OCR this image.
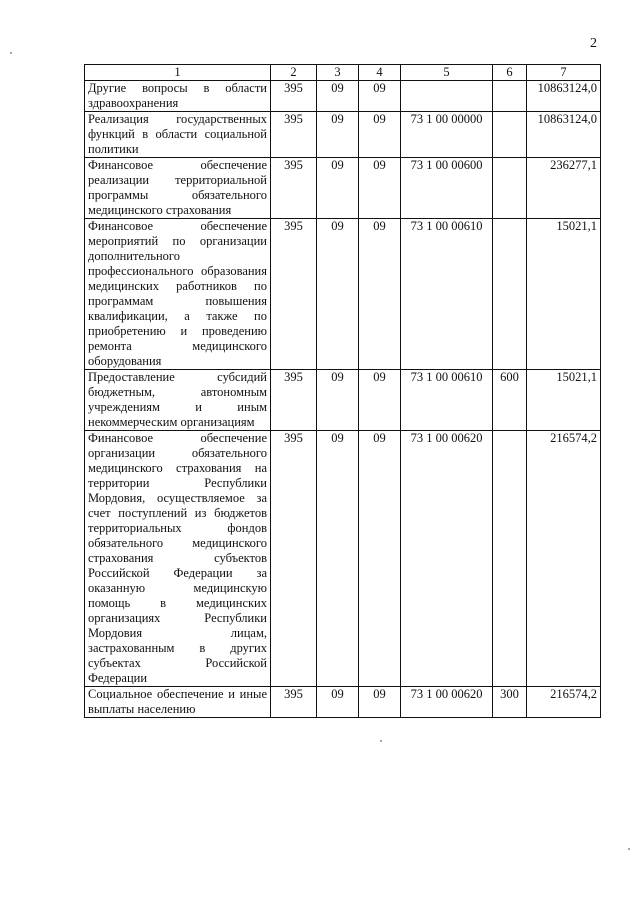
2
1	2	3	4	5	6	7
Другие вопросы в области здравоохранения	395	09	09			10863124,0
Реализация государственных функций в области социальной политики	395	09	09	73 1 00 00000		10863124,0
Финансовое обеспечение реализации территориальной программы обязательного медицинского страхования	395	09	09	73 1 00 00600		236277,1
Финансовое обеспечение мероприятий по организации дополнительного профессионального образования медицинских работников по программам повышения квалификации, а также по приобретению и проведению ремонта медицинского оборудования	395	09	09	73 1 00 00610		15021,1
Предоставление субсидий бюджетным, автономным учреждениям и иным некоммерческим организациям	395	09	09	73 1 00 00610	600	15021,1
Финансовое обеспечение организации обязательного медицинского страхования на территории Республики Мордовия, осуществляемое за счет поступлений из бюджетов территориальных фондов обязательного медицинского страхования субъектов Российской Федерации за оказанную медицинскую помощь в медицинских организациях Республики Мордовия лицам, застрахованным в других субъектах Российской Федерации	395	09	09	73 1 00 00620		216574,2
Социальное обеспечение и иные выплаты населению	395	09	09	73 1 00 00620	300	216574,2
